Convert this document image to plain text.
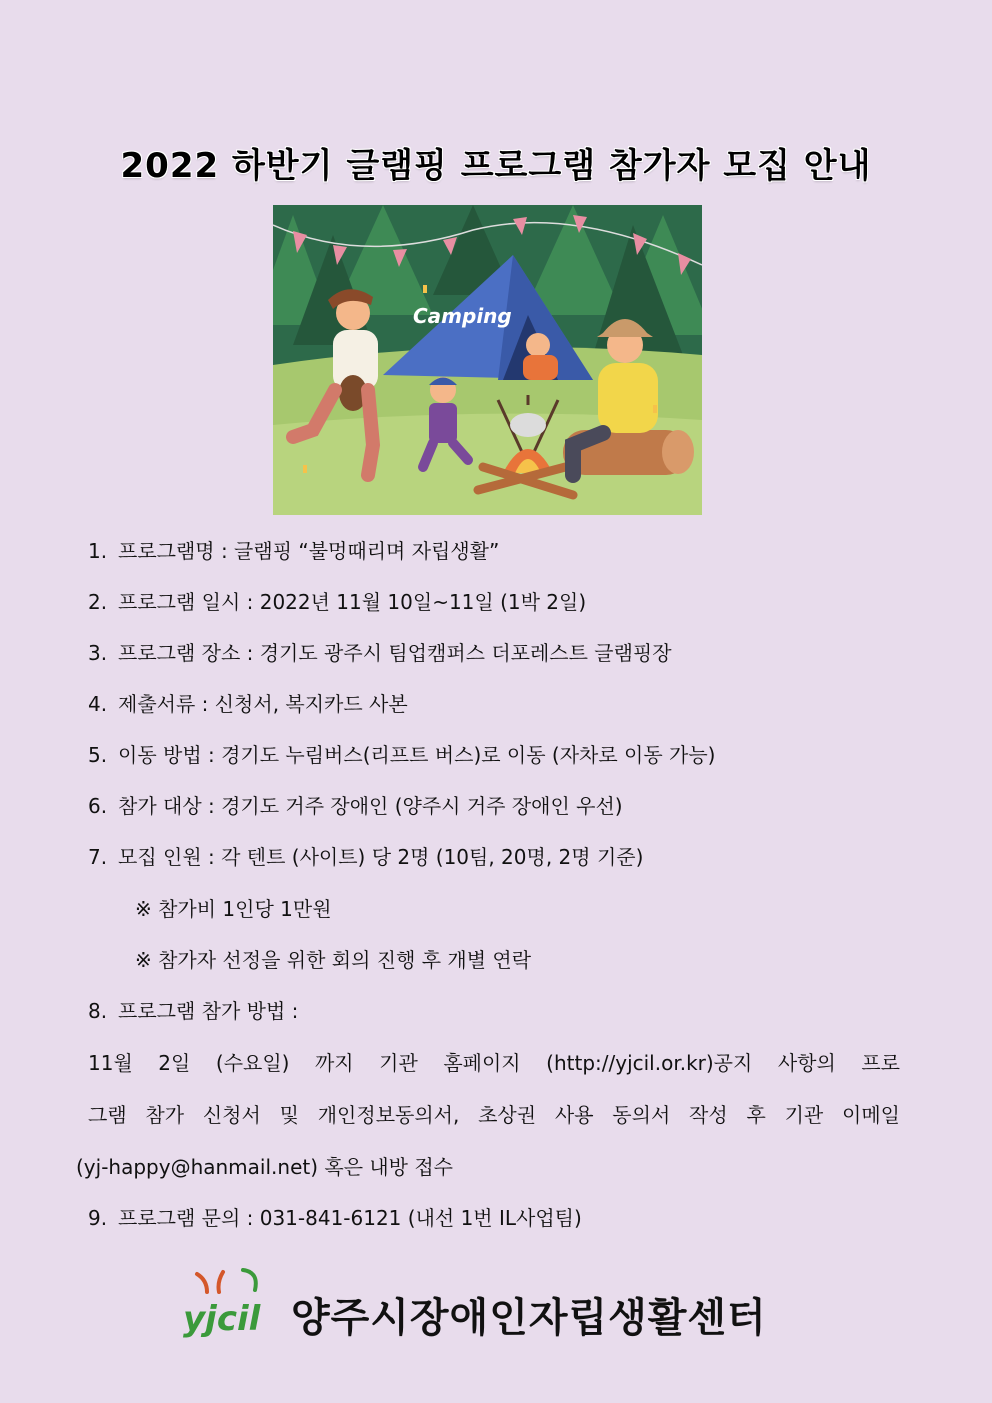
2022 하반기 글램핑 프로그램 참가자 모집 안내
Camping
1. 프로그램명 : 글램핑 “불멍때리며 자립생활”
2. 프로그램 일시 : 2022년 11월 10일~11일 (1박 2일)
3. 프로그램 장소 : 경기도 광주시 팀업캠퍼스 더포레스트 글램핑장
4. 제출서류 : 신청서, 복지카드 사본
5. 이동 방법 : 경기도 누림버스(리프트 버스)로 이동 (자차로 이동 가능)
6. 참가 대상 : 경기도 거주 장애인 (양주시 거주 장애인 우선)
7. 모집 인원 : 각 텐트 (사이트) 당 2명 (10팀, 20명, 2명 기준)
※ 참가비 1인당 1만원
※ 참가자 선정을 위한 회의 진행 후 개별 연락
8. 프로그램 참가 방법 :
11월 2일 (수요일) 까지 기관 홈페이지 (http://yjcil.or.kr)공지 사항의 프로
그램 참가 신청서 및 개인정보동의서, 초상권 사용 동의서 작성 후 기관 이메일
(yj-happy@hanmail.net) 혹은 내방 접수
9. 프로그램 문의 : 031-841-6121 (내선 1번 IL사업팀)
yjcil 양주시장애인자립생활센터
